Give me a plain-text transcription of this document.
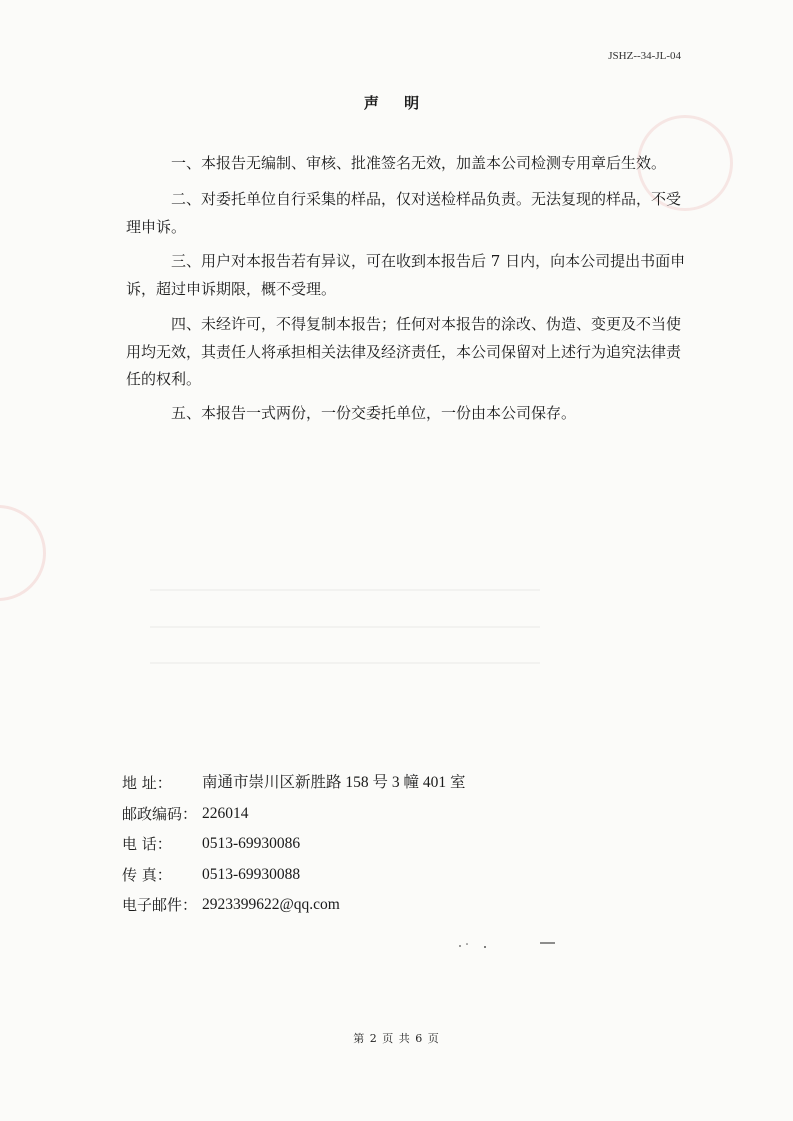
JSHZ--34-JL-04
声 明

一、本报告无编制、审核、批准签名无效，加盖本公司检测专用章后生效。

二、对委托单位自行采集的样品，仅对送检样品负责。无法复现的样品，不受理申诉。

三、用户对本报告若有异议，可在收到本报告后 7 日内，向本公司提出书面申诉，超过申诉期限，概不受理。

四、未经许可，不得复制本报告；任何对本报告的涂改、伪造、变更及不当使用均无效，其责任人将承担相关法律及经济责任，本公司保留对上述行为追究法律责任的权利。

五、本报告一式两份，一份交委托单位，一份由本公司保存。

地 址：	南通市崇川区新胜路 158 号 3 幢 401 室
邮政编码： 226014
电 话：	0513-69930086
传 真：	0513-69930088
电子邮件： 2923399622@qq.com
第 2 页 共 6 页
